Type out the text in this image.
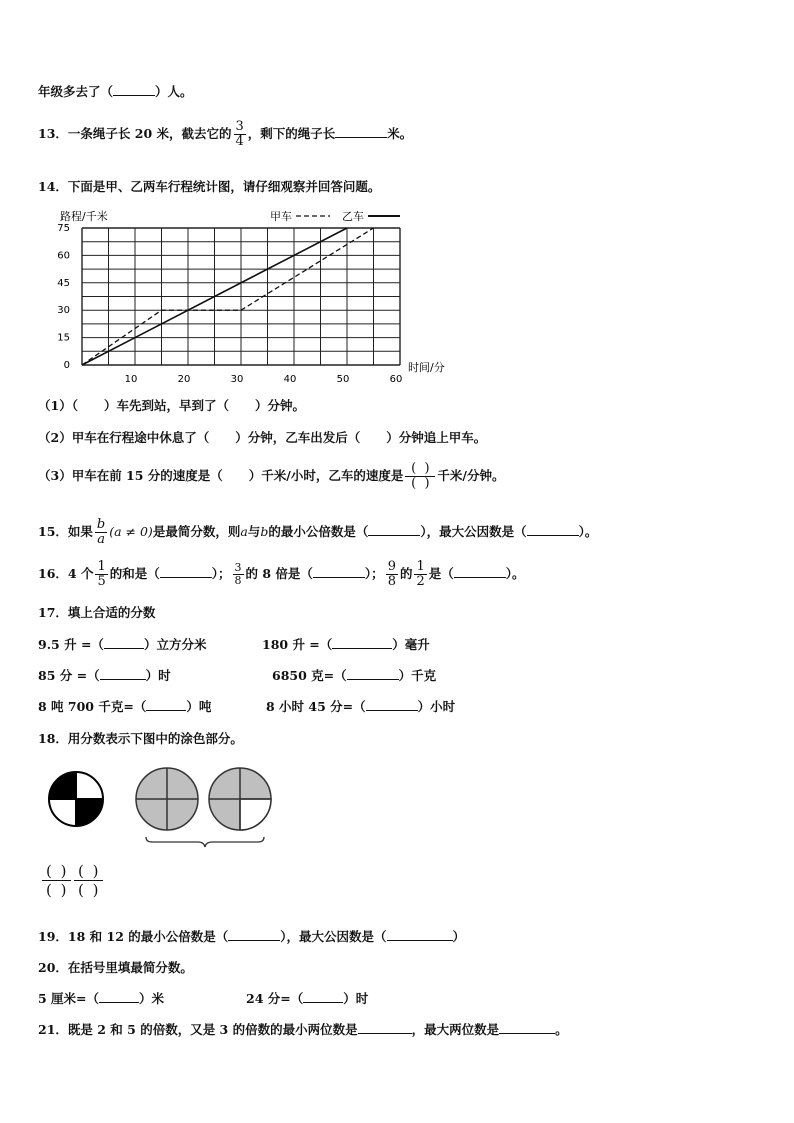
年级多去了（	）人。
13．一条绳子长 20 米，截去它的 $\frac{3}{4}$ ，剩下的绳子长	米。
14．下面是甲、乙两车行程统计图，请仔细观察并回答问题。
0
15
30
45
60
75
10	20	30	40	50	60
路程/千米
时间/分
甲车	乙车
（1）（ ）车先到站，早到了（ ）分钟。
（2）甲车在行程途中休息了（ ）分钟，乙车出发后（ ）分钟追上甲车。
（3）甲车在前 15 分的速度是（ ）千米/小时，乙车的速度是 $\frac{( )}{( )}$ 千米/分钟。
15．如果 $\frac{b}{a} (a \ne 0)$是最简分数，则a与b的最小公倍数是（	），最大公因数是（	）。
16．4 个 $\frac{1}{5}$ 的和是（	）； $\frac{3}{8}$ 的 8 倍是（	）； $\frac{9}{8}$ 的 $\frac{1}{2}$ 是（	）。
17．填上合适的分数
9.5 升 =（	）立方分米	180 升 =（	）毫升
85 分 =（	）时	6850 克=（	）千克
8 吨 700 千克=（	）吨	8 小时 45 分=（	）小时
18．用分数表示下图中的涂色部分。
$\frac{( )}{( )} \frac{( )}{( )}$
19．18 和 12 的最小公倍数是（	），最大公因数是（	）
20．在括号里填最简分数。
5 厘米=（	）米	24 分=（	）时
21．既是 2 和 5 的倍数，又是 3 的倍数的最小两位数是	，最大两位数是	。
